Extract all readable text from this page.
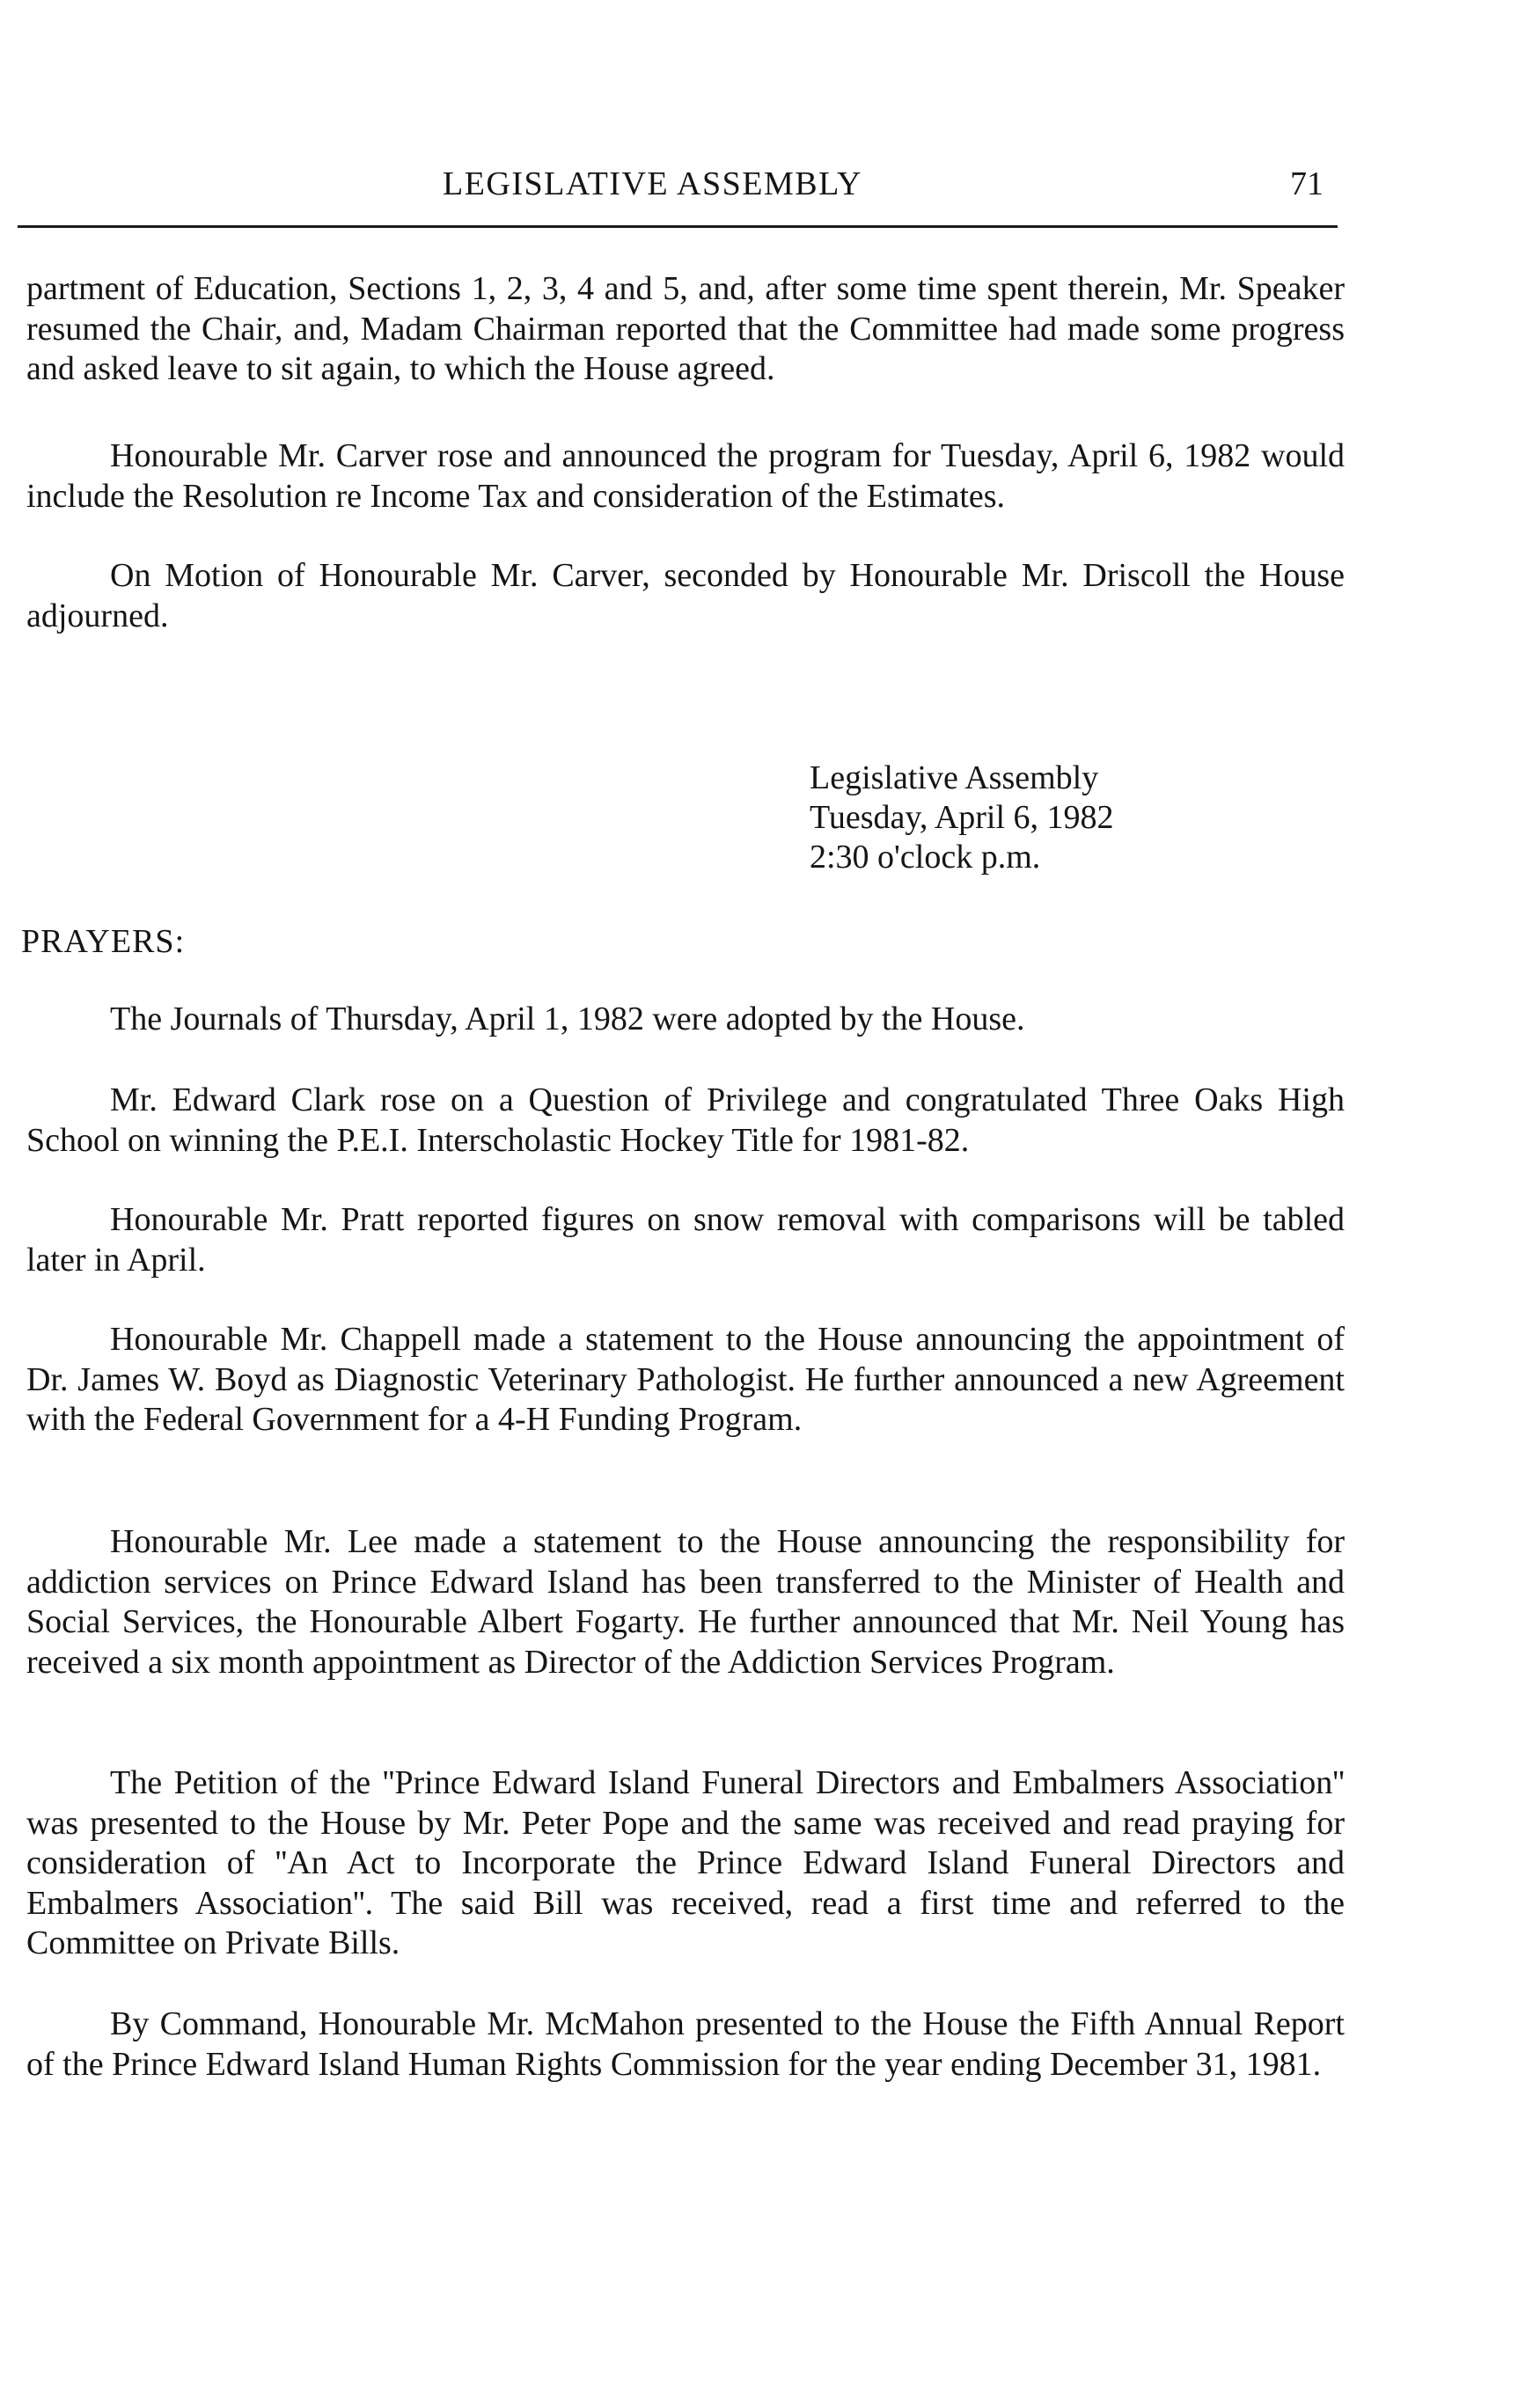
LEGISLATIVE ASSEMBLY	71

partment of Education, Sections 1, 2, 3, 4 and 5, and, after some time spent therein, Mr. Speaker resumed the Chair, and, Madam Chairman reported that the Committee had made some progress and asked leave to sit again, to which the House agreed.

Honourable Mr. Carver rose and announced the program for Tuesday, April 6, 1982 would include the Resolution re Income Tax and consideration of the Estimates.

On Motion of Honourable Mr. Carver, seconded by Honourable Mr. Driscoll the House adjourned.

Legislative Assembly
Tuesday, April 6, 1982
2:30 o'clock p.m.
PRAYERS:

The Journals of Thursday, April 1, 1982 were adopted by the House.

Mr. Edward Clark rose on a Question of Privilege and congratulated Three Oaks High School on winning the P.E.I. Interscholastic Hockey Title for 1981-82.

Honourable Mr. Pratt reported figures on snow removal with comparisons will be tabled later in April.

Honourable Mr. Chappell made a statement to the House announcing the appointment of Dr. James W. Boyd as Diagnostic Veterinary Pathologist. He further announced a new Agreement with the Federal Government for a 4-H Funding Program.

Honourable Mr. Lee made a statement to the House announcing the responsibility for addiction services on Prince Edward Island has been transferred to the Minister of Health and Social Services, the Honourable Albert Fogarty. He further announced that Mr. Neil Young has received a six month appointment as Director of the Addiction Services Program.

The Petition of the ''Prince Edward Island Funeral Directors and Embalmers Association'' was presented to the House by Mr. Peter Pope and the same was received and read praying for consideration of ''An Act to Incorporate the Prince Edward Island Funeral Directors and Embalmers Association''. The said Bill was received, read a first time and referred to the Committee on Private Bills.

By Command, Honourable Mr. McMahon presented to the House the Fifth Annual Report of the Prince Edward Island Human Rights Commission for the year ending December 31, 1981.
